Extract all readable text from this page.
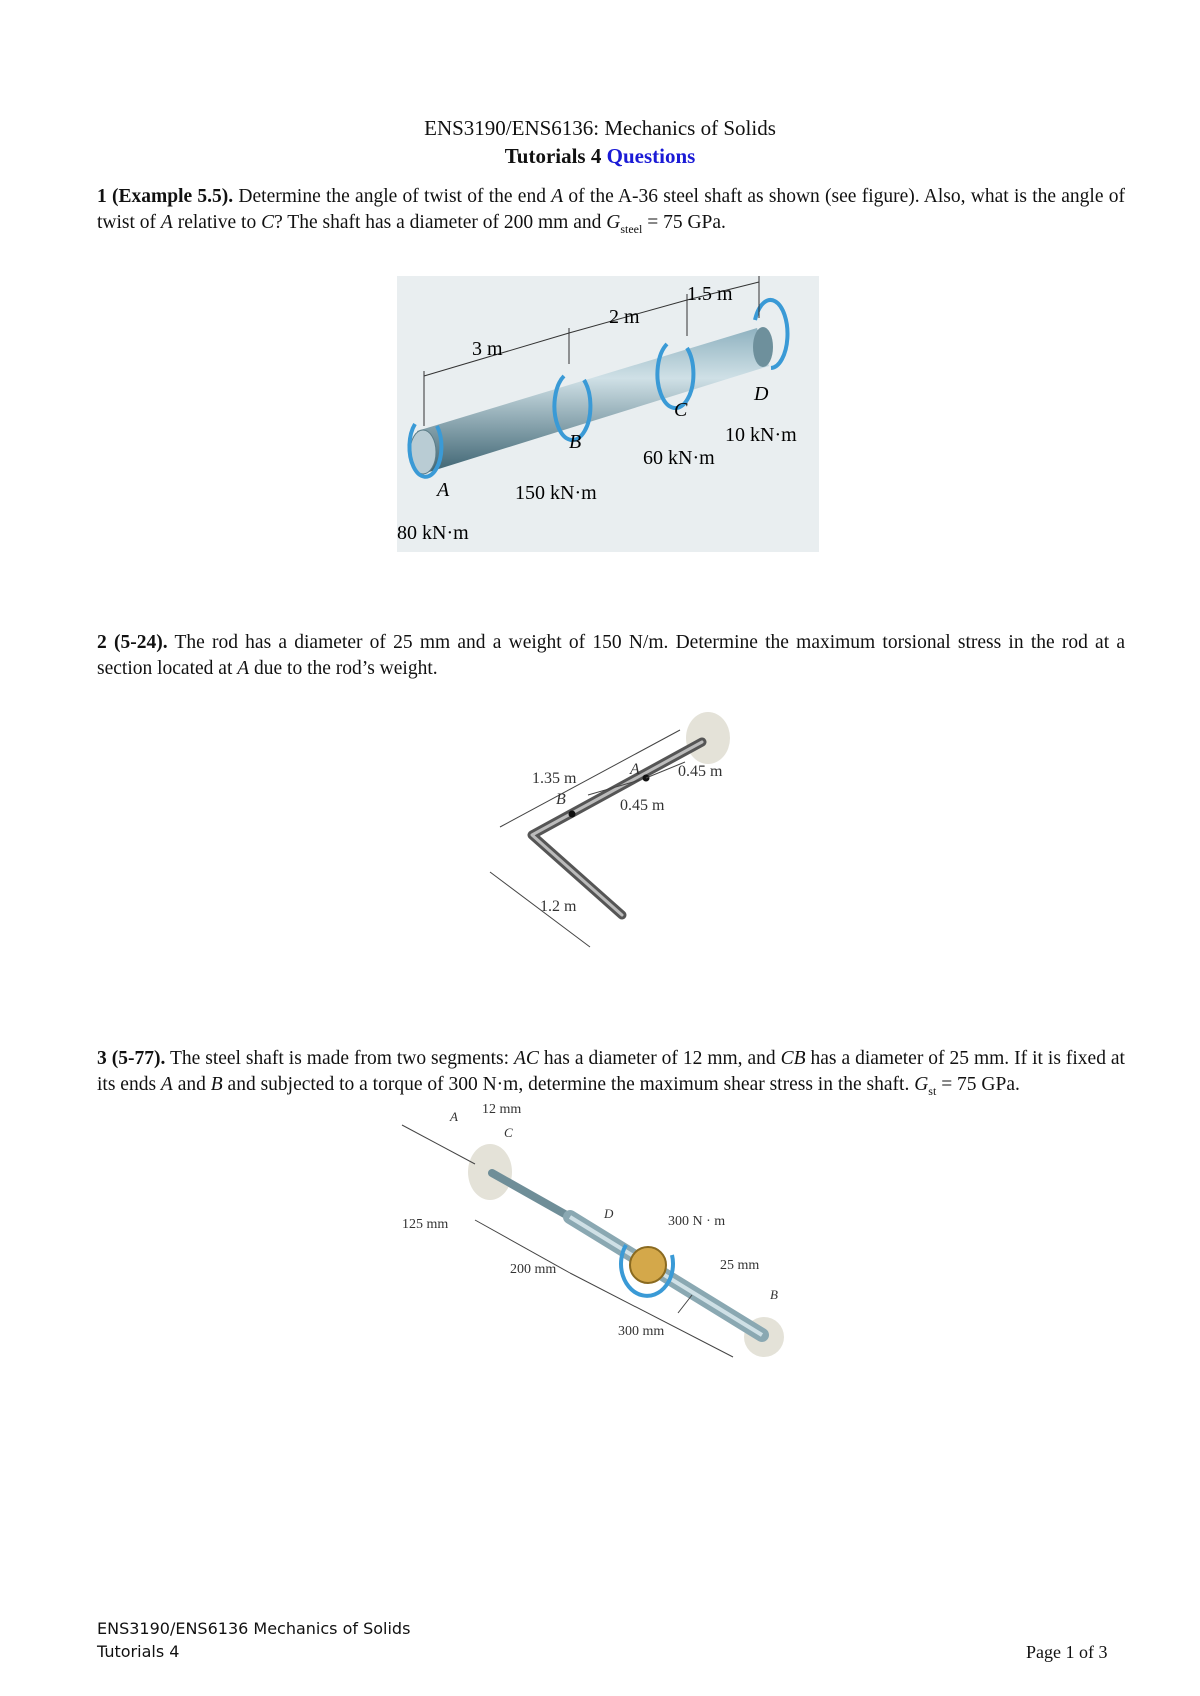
ENS3190/ENS6136: Mechanics of Solids
Tutorials 4 Questions
1 (Example 5.5). Determine the angle of twist of the end A of the A-36 steel shaft as shown (see figure). Also, what is the angle of twist of A relative to C? The shaft has a diameter of 200 mm and $G_{steel} = 75$ GPa.
3 m
2 m
1.5 m
A
B
C
D
80 kN·m
150 kN·m
60 kN·m
10 kN·m
2 (5-24). The rod has a diameter of 25 mm and a weight of 150 N/m. Determine the maximum torsional stress in the rod at a section located at A due to the rod’s weight.
1.35 m
A
B
0.45 m
0.45 m
1.2 m
3 (5-77). The steel shaft is made from two segments: AC has a diameter of 12 mm, and CB has a diameter of 25 mm. If it is fixed at its ends A and B and subjected to a torque of 300 N·m, determine the maximum shear stress in the shaft. $G_{st} = 75$ GPa.
A 12 mm
C
125 mm
D
300 N · m
200 mm	25 mm
B
300 mm
ENS3190/ENS6136 Mechanics of Solids
Tutorials 4	Page 1 of 3
